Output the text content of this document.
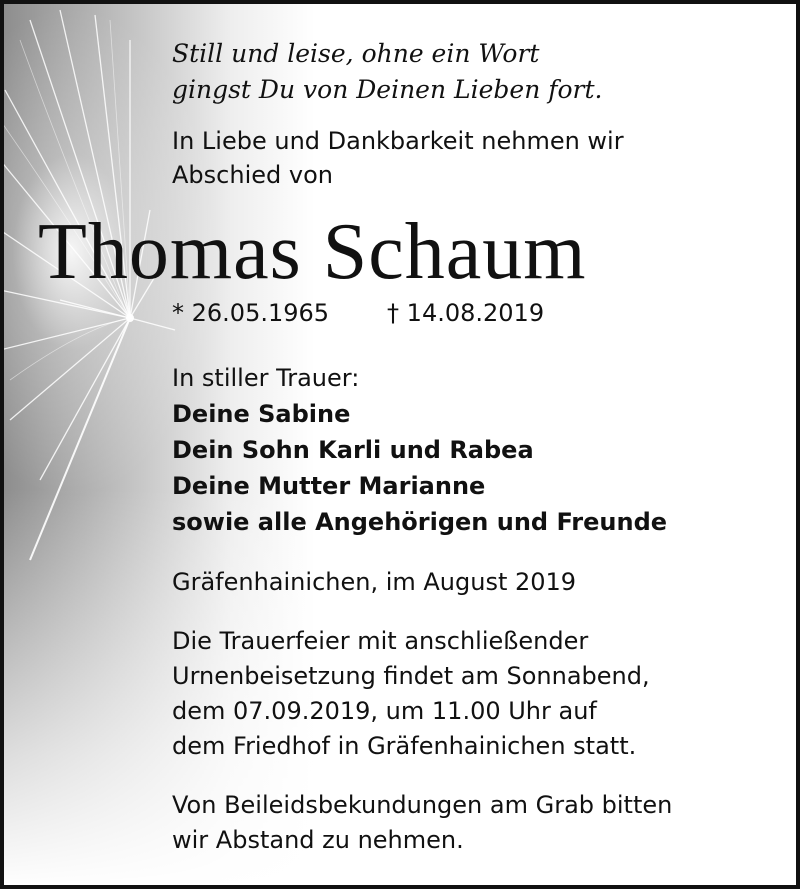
Still und leise, ohne ein Wort
gingst Du von Deinen Lieben fort.

In Liebe und Dankbarkeit nehmen wir
Abschied von

Thomas Schaum

* 26.05.1965 † 14.08.2019

In stiller Trauer:
Deine Sabine
Dein Sohn Karli und Rabea
Deine Mutter Marianne
sowie alle Angehörigen und Freunde

Gräfenhainichen, im August 2019

Die Trauerfeier mit anschließender
Urnenbeisetzung findet am Sonnabend,
dem 07.09.2019, um 11.00 Uhr auf
dem Friedhof in Gräfenhainichen statt.
Von Beileidsbekundungen am Grab bitten
wir Abstand zu nehmen.
